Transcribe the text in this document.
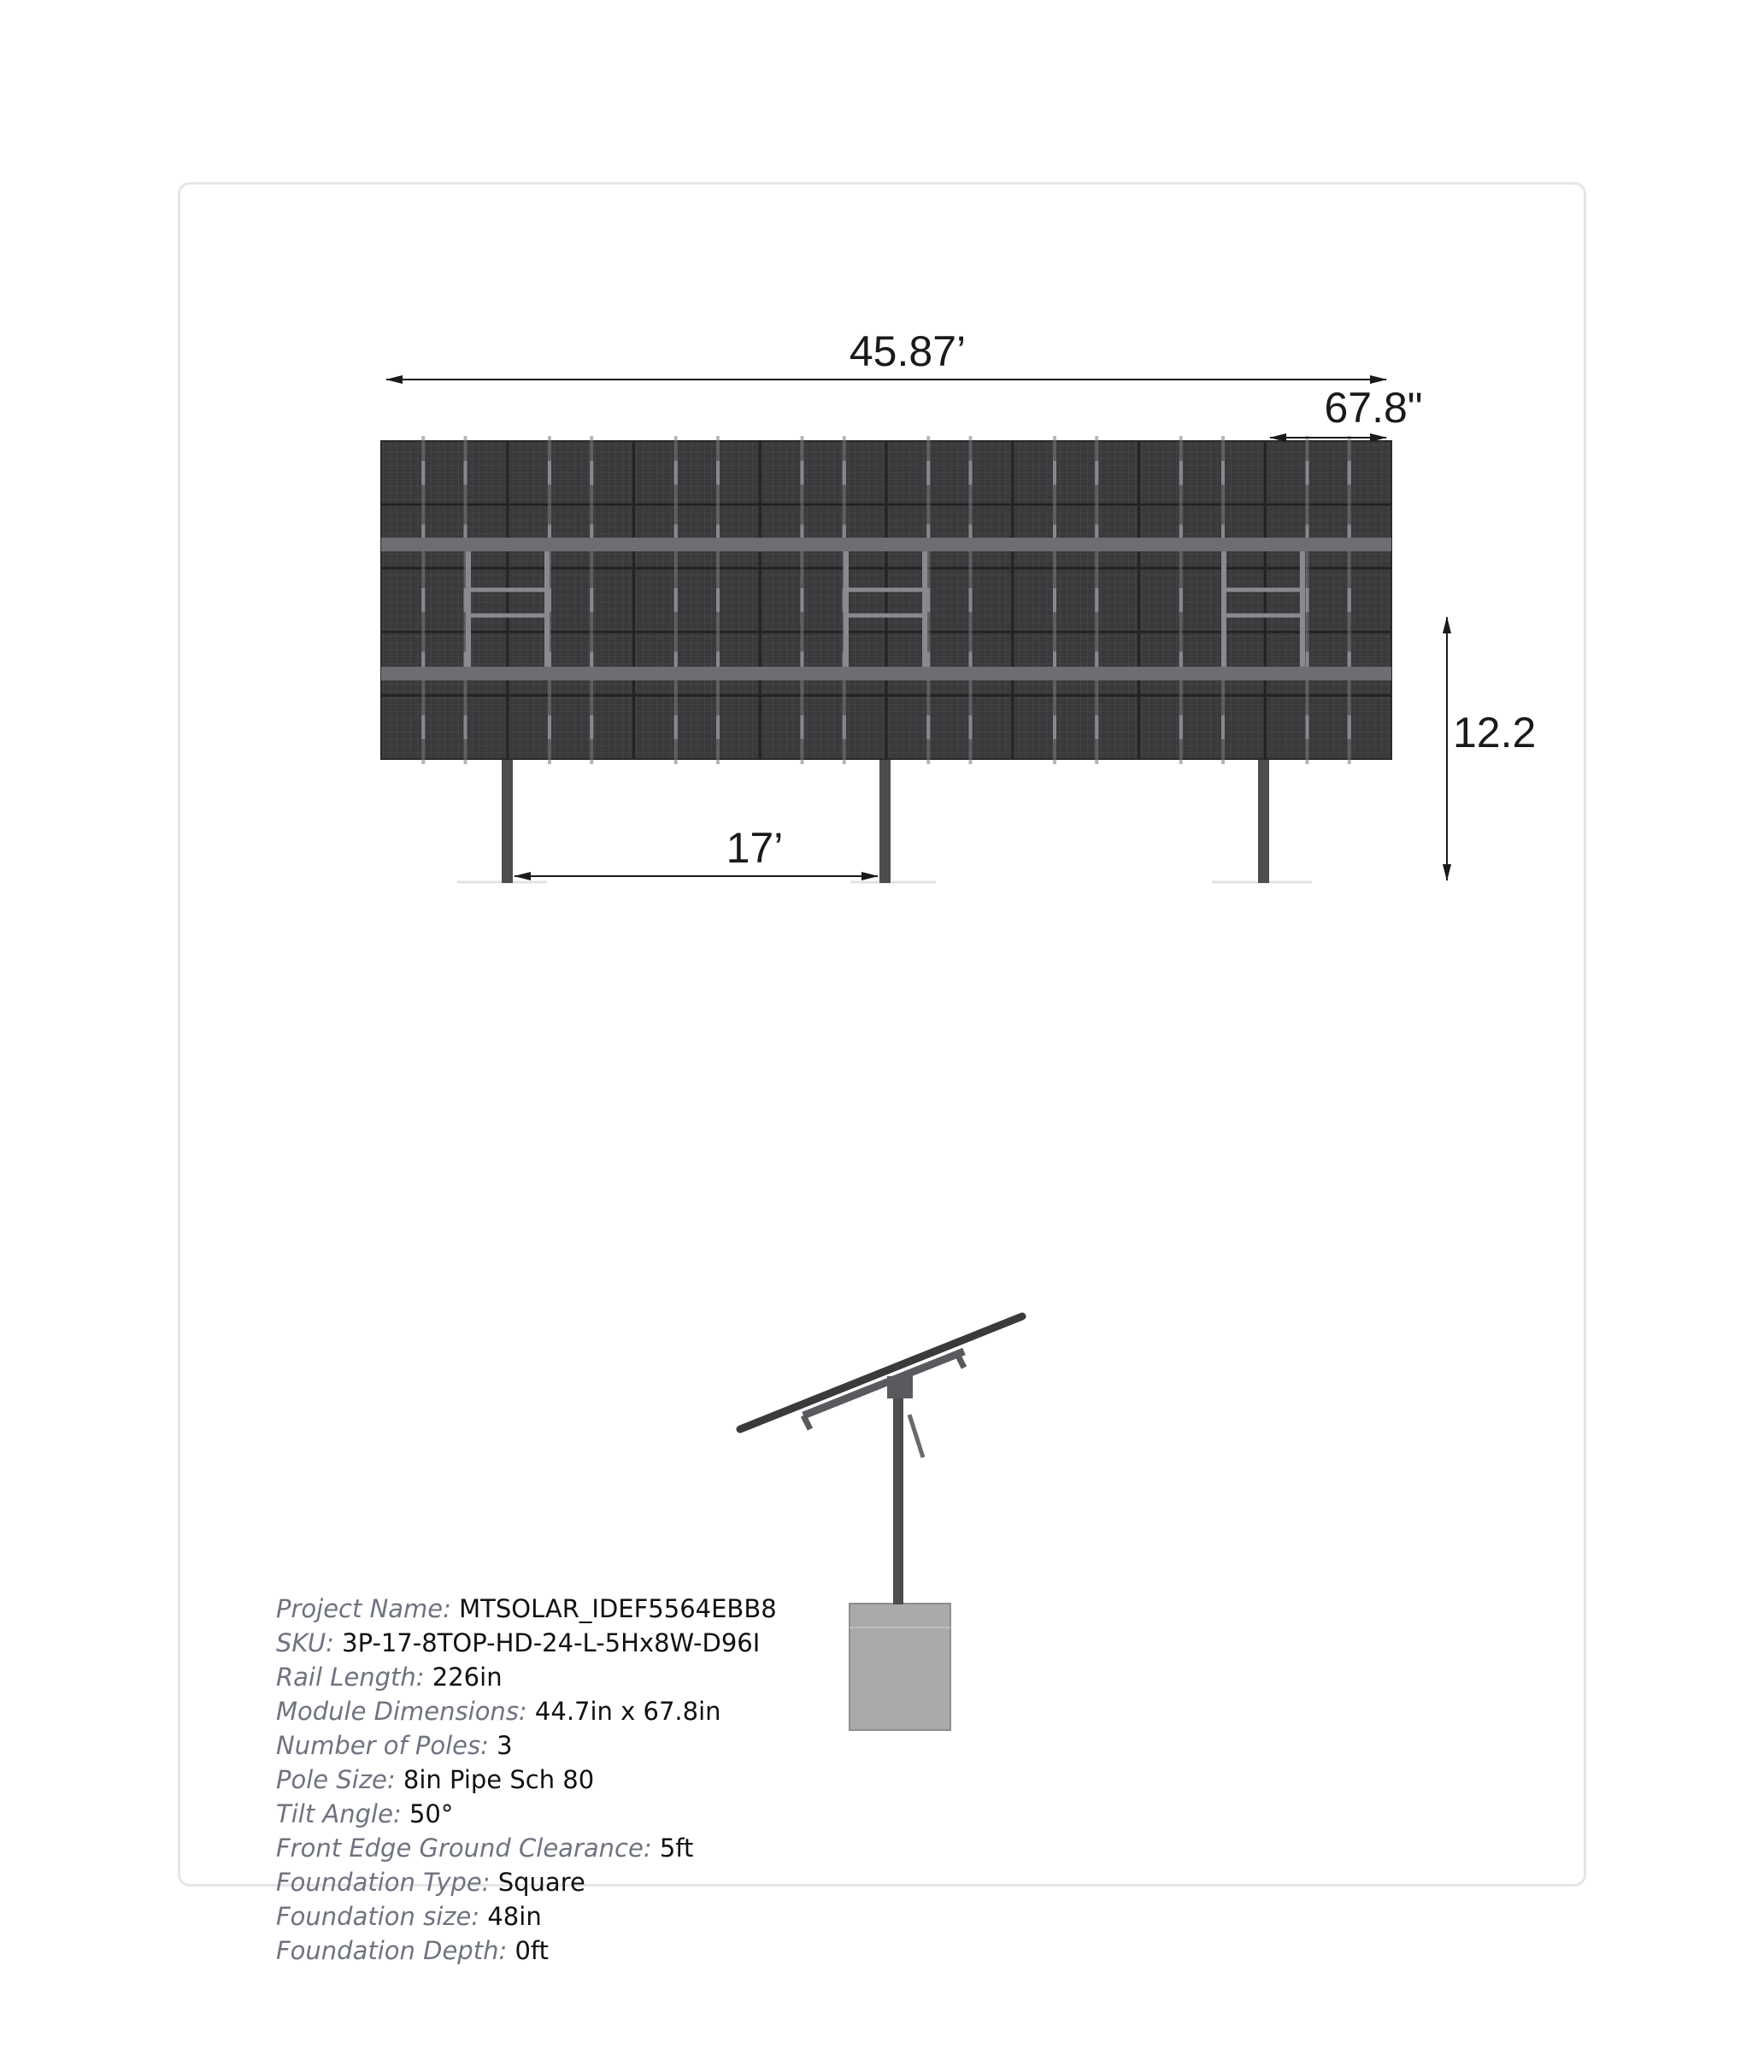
45.87’
67.8"
12.2
17’
Project Name: MTSOLAR_IDEF5564EBB8
SKU: 3P-17-8TOP-HD-24-L-5Hx8W-D96I
Rail Length: 226in
Module Dimensions: 44.7in x 67.8in
Number of Poles: 3
Pole Size: 8in Pipe Sch 80
Tilt Angle: 50°
Front Edge Ground Clearance: 5ft
Foundation Type: Square
Foundation size: 48in
Foundation Depth: 0ft
